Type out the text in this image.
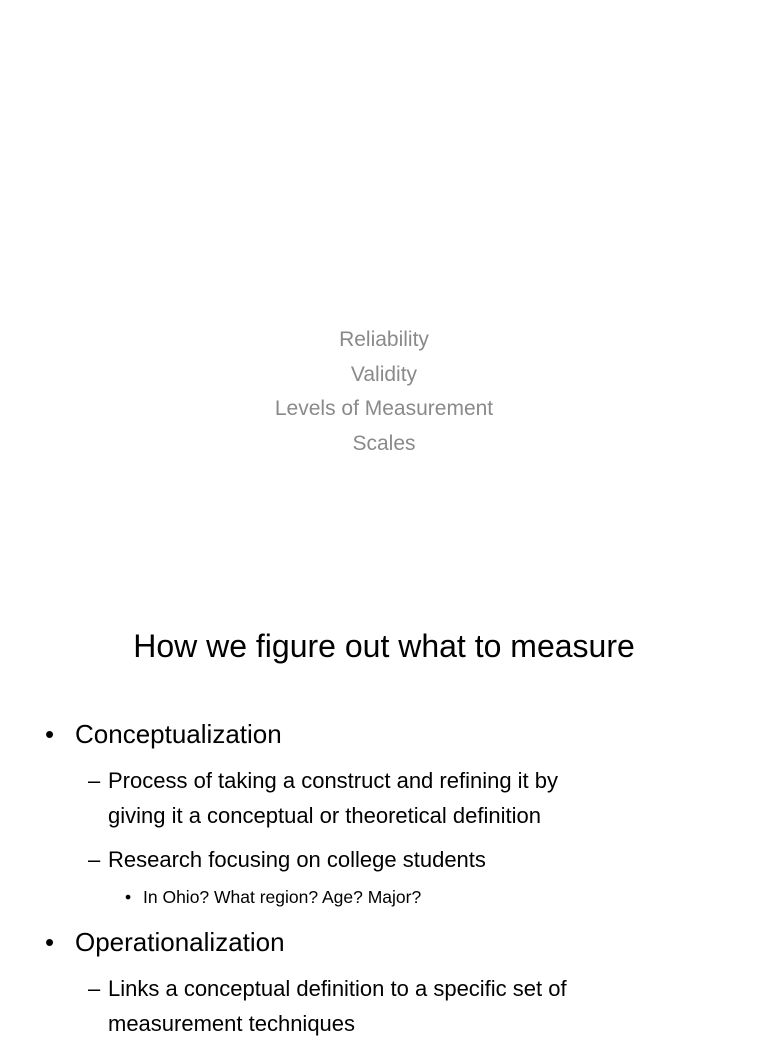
Reliability
Validity
Levels of Measurement
Scales
How we figure out what to measure
• Conceptualization
– Process of taking a construct and refining it by
giving it a conceptual or theoretical definition
– Research focusing on college students
• In Ohio? What region? Age? Major?
• Operationalization
– Links a conceptual definition to a specific set of
measurement techniques
